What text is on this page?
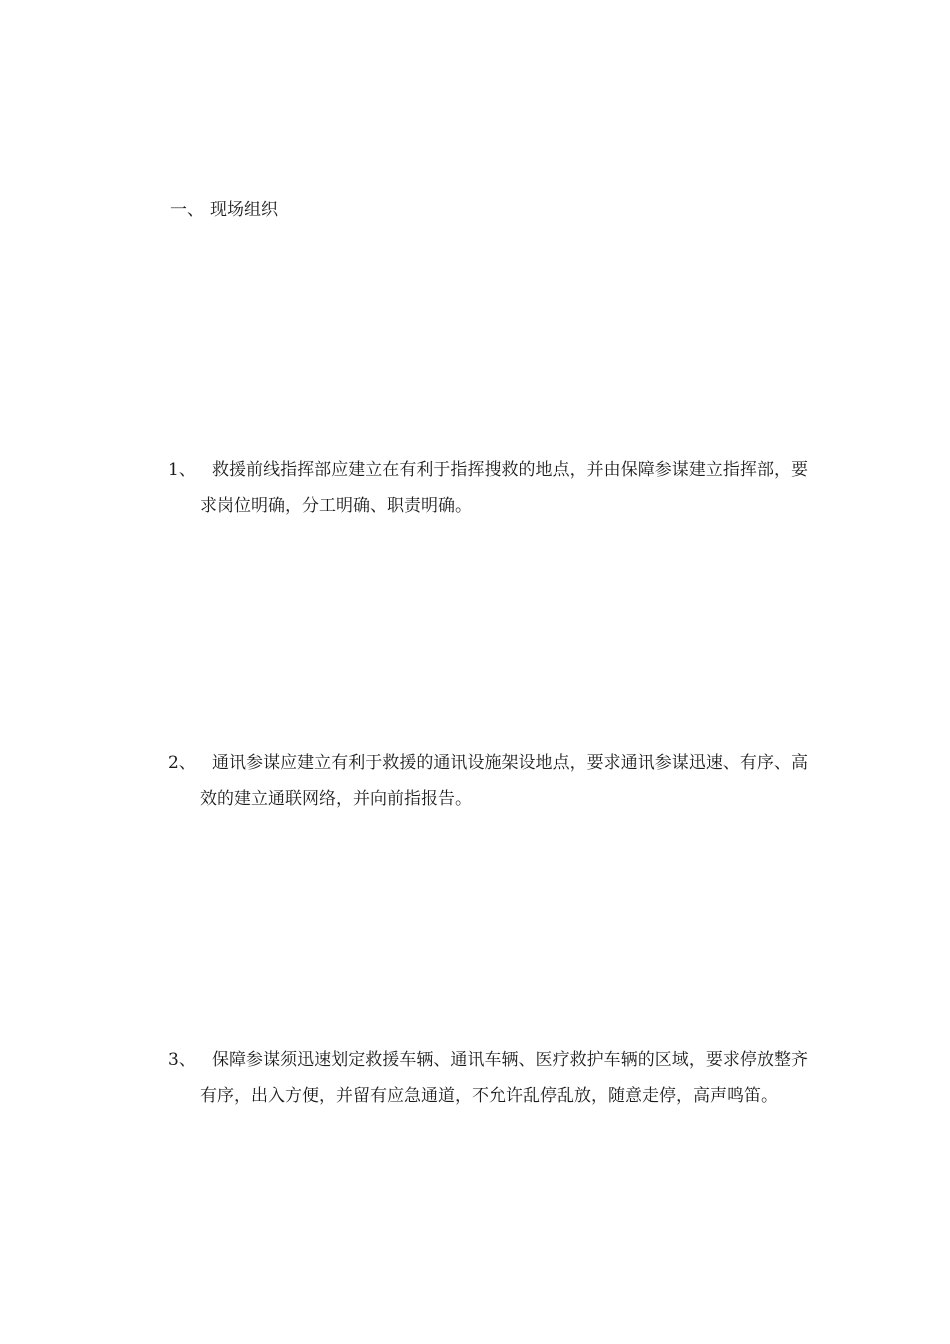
一、 现场组织
1、 救援前线指挥部应建立在有利于指挥搜救的地点，并由保障参谋建立指挥部，要求岗位明确，分工明确、职责明确。
2、 通讯参谋应建立有利于救援的通讯设施架设地点，要求通讯参谋迅速、有序、高效的建立通联网络，并向前指报告。
3、 保障参谋须迅速划定救援车辆、通讯车辆、医疗救护车辆的区域，要求停放整齐有序，出入方便，并留有应急通道，不允许乱停乱放，随意走停，高声鸣笛。
